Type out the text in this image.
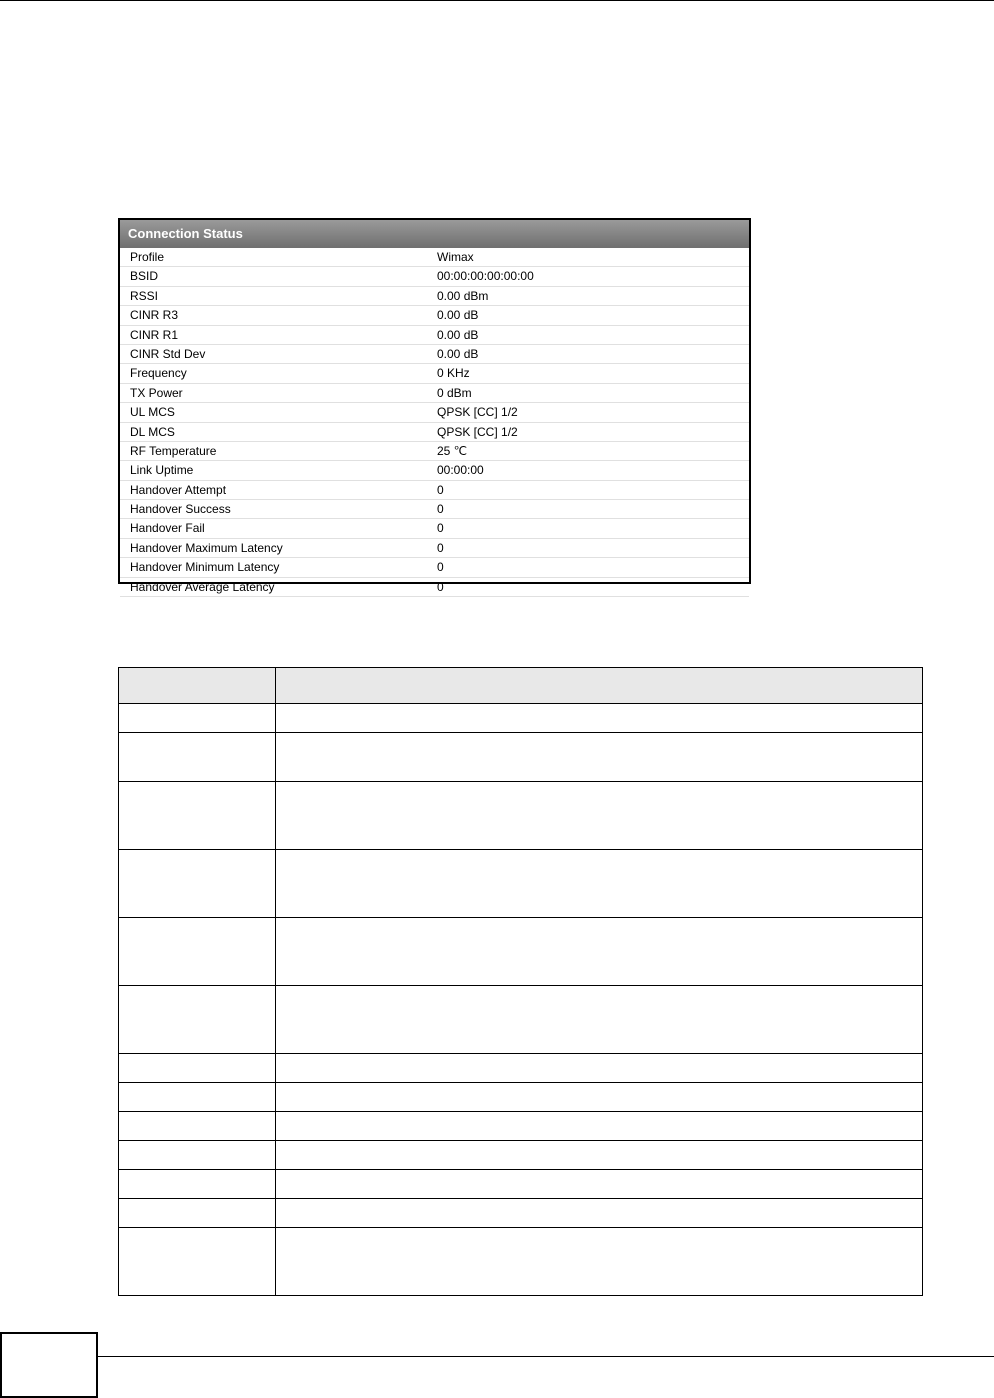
Connection Status
Profile	Wimax
BSID	00:00:00:00:00:00
RSSI	0.00 dBm
CINR R3	0.00 dB
CINR R1	0.00 dB
CINR Std Dev	0.00 dB
Frequency	0 KHz
TX Power	0 dBm
UL MCS	QPSK [CC] 1/2
DL MCS	QPSK [CC] 1/2
RF Temperature	25 ℃
Link Uptime	00:00:00
Handover Attempt	0
Handover Success	0
Handover Fail	0
Handover Maximum Latency	0
Handover Minimum Latency	0
Handover Average Latency	0
